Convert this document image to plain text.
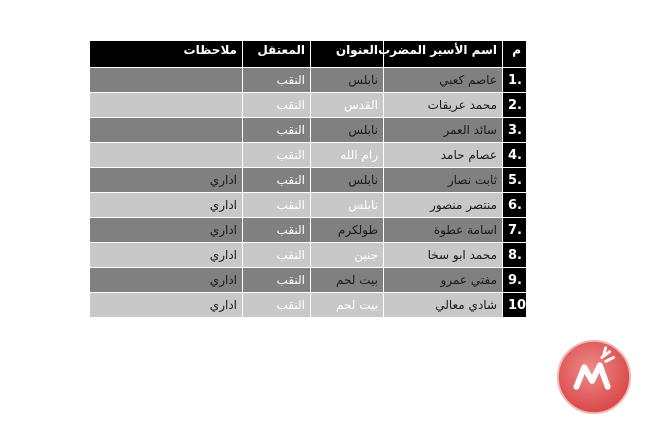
م	اسم الأسير المضرب	العنوان	المعتقل	ملاحظات
1.	عاصم كعبي	نابلس	النقب	
2.	محمد عريقات	القدس	النقب	
3.	سائد العمر	نابلس	النقب	
4.	عصام حامد	رام الله	النقب	
5.	ثابت نصار	نابلس	النقب	اداري
6.	منتصر منصور	نابلس	النقب	اداري
7.	اسامة عطوة	طولكرم	النقب	اداري
8.	محمد ابو سخا	جنين	النقب	اداري
9.	مفتي عمرو	بيت لحم	النقب	اداري
10.	شادي معالي	بيت لحم	النقب	اداري
